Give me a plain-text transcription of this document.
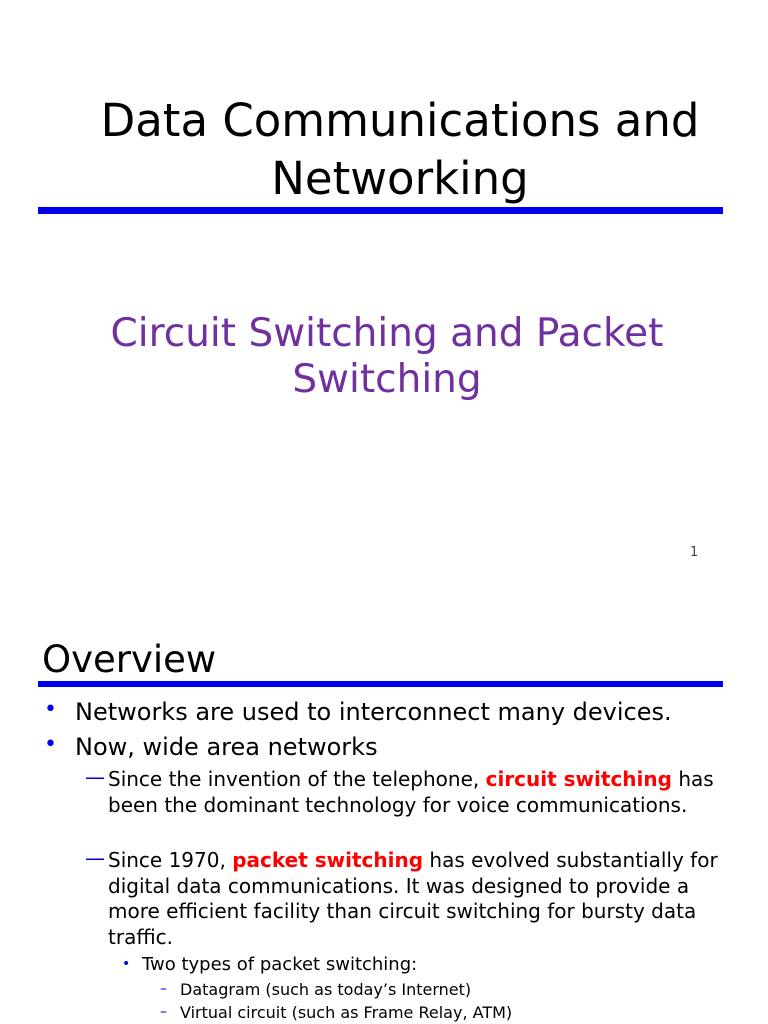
Data Communications and
Networking
Circuit Switching and Packet
Switching
1
Overview
• Networks are used to interconnect many devices.
• Now, wide area networks
— Since the invention of the telephone, circuit switching has been the dominant technology for voice communications.
— Since 1970, packet switching has evolved substantially for digital data communications. It was designed to provide a more efficient facility than circuit switching for bursty data traffic.
• Two types of packet switching:
– Datagram (such as today’s Internet)
– Virtual circuit (such as Frame Relay, ATM)
